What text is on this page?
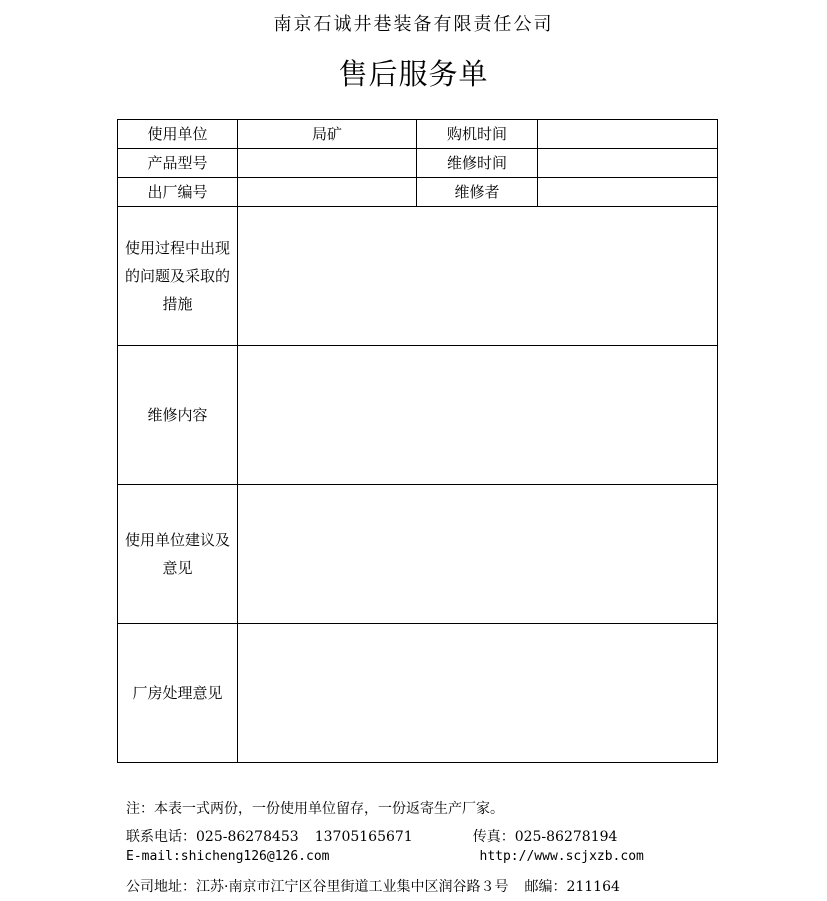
南京石诚井巷装备有限责任公司
售后服务单
使用单位	局矿	购机时间	
产品型号		维修时间	
出厂编号		维修者	
使用过程中出现的问题及采取的措施			
维修内容			
使用单位建议及意见			
厂房处理意见			
注：本表一式两份，一份使用单位留存，一份返寄生产厂家。
联系电话：025-86278453 13705165671	传真：025-86278194
E-mail:shicheng126@126.com	http://www.scjxzb.com
公司地址：江苏·南京市江宁区谷里街道工业集中区润谷路３号 邮编：211164
